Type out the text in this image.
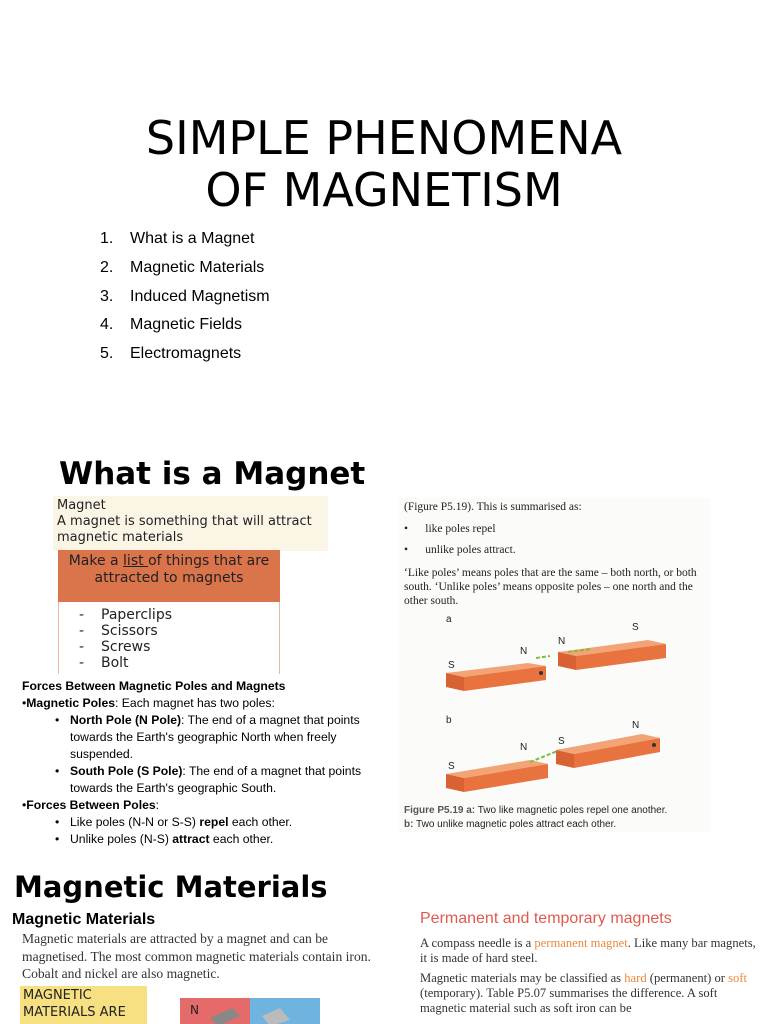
SIMPLE PHENOMENA
OF MAGNETISM
1.	What is a Magnet
2.	Magnetic Materials
3.	Induced Magnetism
4.	Magnetic Fields
5.	Electromagnets
What is a Magnet
Magnet
A magnet is something that will attract magnetic materials
Make a list of things that are attracted to magnets
-	Paperclips
-	Scissors
-	Screws
-	Bolt
Forces Between Magnetic Poles and Magnets
•Magnetic Poles: Each magnet has two poles:
• North Pole (N Pole): The end of a magnet that points towards the Earth's geographic North when freely suspended.
• South Pole (S Pole): The end of a magnet that points towards the Earth's geographic South.
•Forces Between Poles:
• Like poles (N-N or S-S) repel each other.
• Unlike poles (N-S) attract each other.

(Figure P5.19). This is summarised as:

•      like poles repel

•      unlike poles attract.

‘Like poles’ means poles that are the same – both north, or both south. ‘Unlike poles’ means opposite poles – one north and the other south.

a
b
S
N
N
S
S
N
S
N

Figure P5.19 a: Two like magnetic poles repel one another.
b: Two unlike magnetic poles attract each other.

Magnetic Materials
Magnetic Materials
Magnetic materials are attracted by a magnet and can be magnetised. The most common magnetic materials contain iron. Cobalt and nickel are also magnetic.
MAGNETIC MATERIALS ARE	N
Permanent and temporary magnets
A compass needle is a permanent magnet. Like many bar magnets, it is made of hard steel.
Magnetic materials may be classified as hard (permanent) or soft (temporary). Table P5.07 summarises the difference. A soft magnetic material such as soft iron can be
